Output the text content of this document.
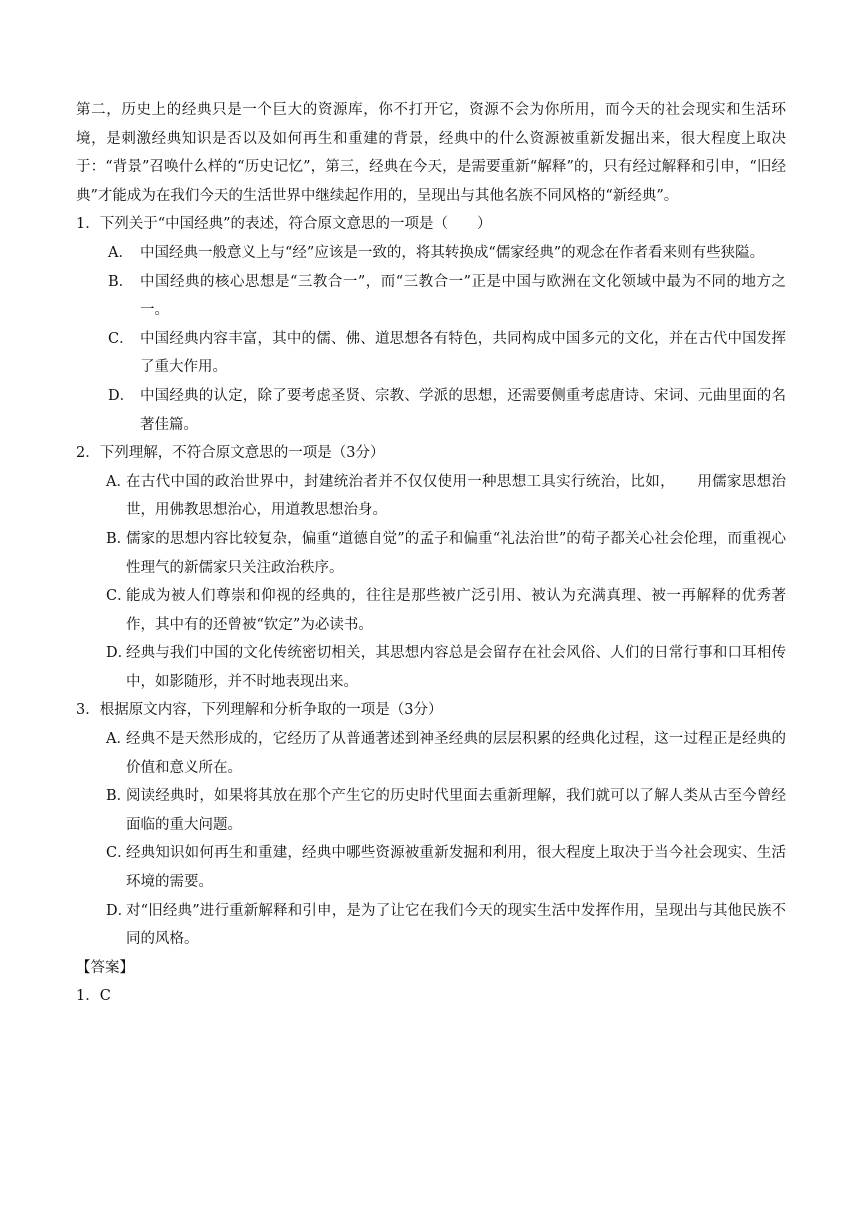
第二，历史上的经典只是一个巨大的资源库，你不打开它，资源不会为你所用，而今天的社会现实和生活环境，是刺激经典知识是否以及如何再生和重建的背景，经典中的什么资源被重新发掘出来，很大程度上取决于：“背景”召唤什么样的“历史记忆”，第三，经典在今天，是需要重新“解释”的，只有经过解释和引申，“旧经典”才能成为在我们今天的生活世界中继续起作用的，呈现出与其他名族不同风格的“新经典”。

1．下列关于“中国经典”的表述，符合原文意思的一项是（　　）

A． 中国经典一般意义上与“经”应该是一致的，将其转换成“儒家经典”的观念在作者看来则有些狭隘。
B． 中国经典的核心思想是“三教合一”，而“三教合一”正是中国与欧洲在文化领域中最为不同的地方之一。
C． 中国经典内容丰富，其中的儒、佛、道思想各有特色，共同构成中国多元的文化，并在古代中国发挥了重大作用。
D． 中国经典的认定，除了要考虑圣贤、宗教、学派的思想，还需要侧重考虑唐诗、宋词、元曲里面的名著佳篇。

2．下列理解，不符合原文意思的一项是（3分）

A．
在古代中国的政治世界中，封建统治者并不仅仅使用一种思想工具实行统治，比如，　　用儒家思想治世，用佛教思想治心，用道教思想治身。
B．
儒家的思想内容比较复杂，偏重“道德自觉”的孟子和偏重“礼法治世”的荀子都关心社会伦理，而重视心性理气的新儒家只关注政治秩序。
C．
能成为被人们尊崇和仰视的经典的，往往是那些被广泛引用、被认为充满真理、被一再解释的优秀著作，其中有的还曾被“钦定”为必读书。
D．
经典与我们中国的文化传统密切相关，其思想内容总是会留存在社会风俗、人们的日常行事和口耳相传中，如影随形，并不时地表现出来。

3．根据原文内容，下列理解和分析争取的一项是（3分）

A．
经典不是天然形成的，它经历了从普通著述到神圣经典的层层积累的经典化过程，这一过程正是经典的价值和意义所在。
B．
阅读经典时，如果将其放在那个产生它的历史时代里面去重新理解，我们就可以了解人类从古至今曾经面临的重大问题。
C．
经典知识如何再生和重建，经典中哪些资源被重新发掘和利用，很大程度上取决于当今社会现实、生活环境的需要。
D．
对“旧经典”进行重新解释和引申，是为了让它在我们今天的现实生活中发挥作用，呈现出与其他民族不同的风格。

【答案】

1．C
